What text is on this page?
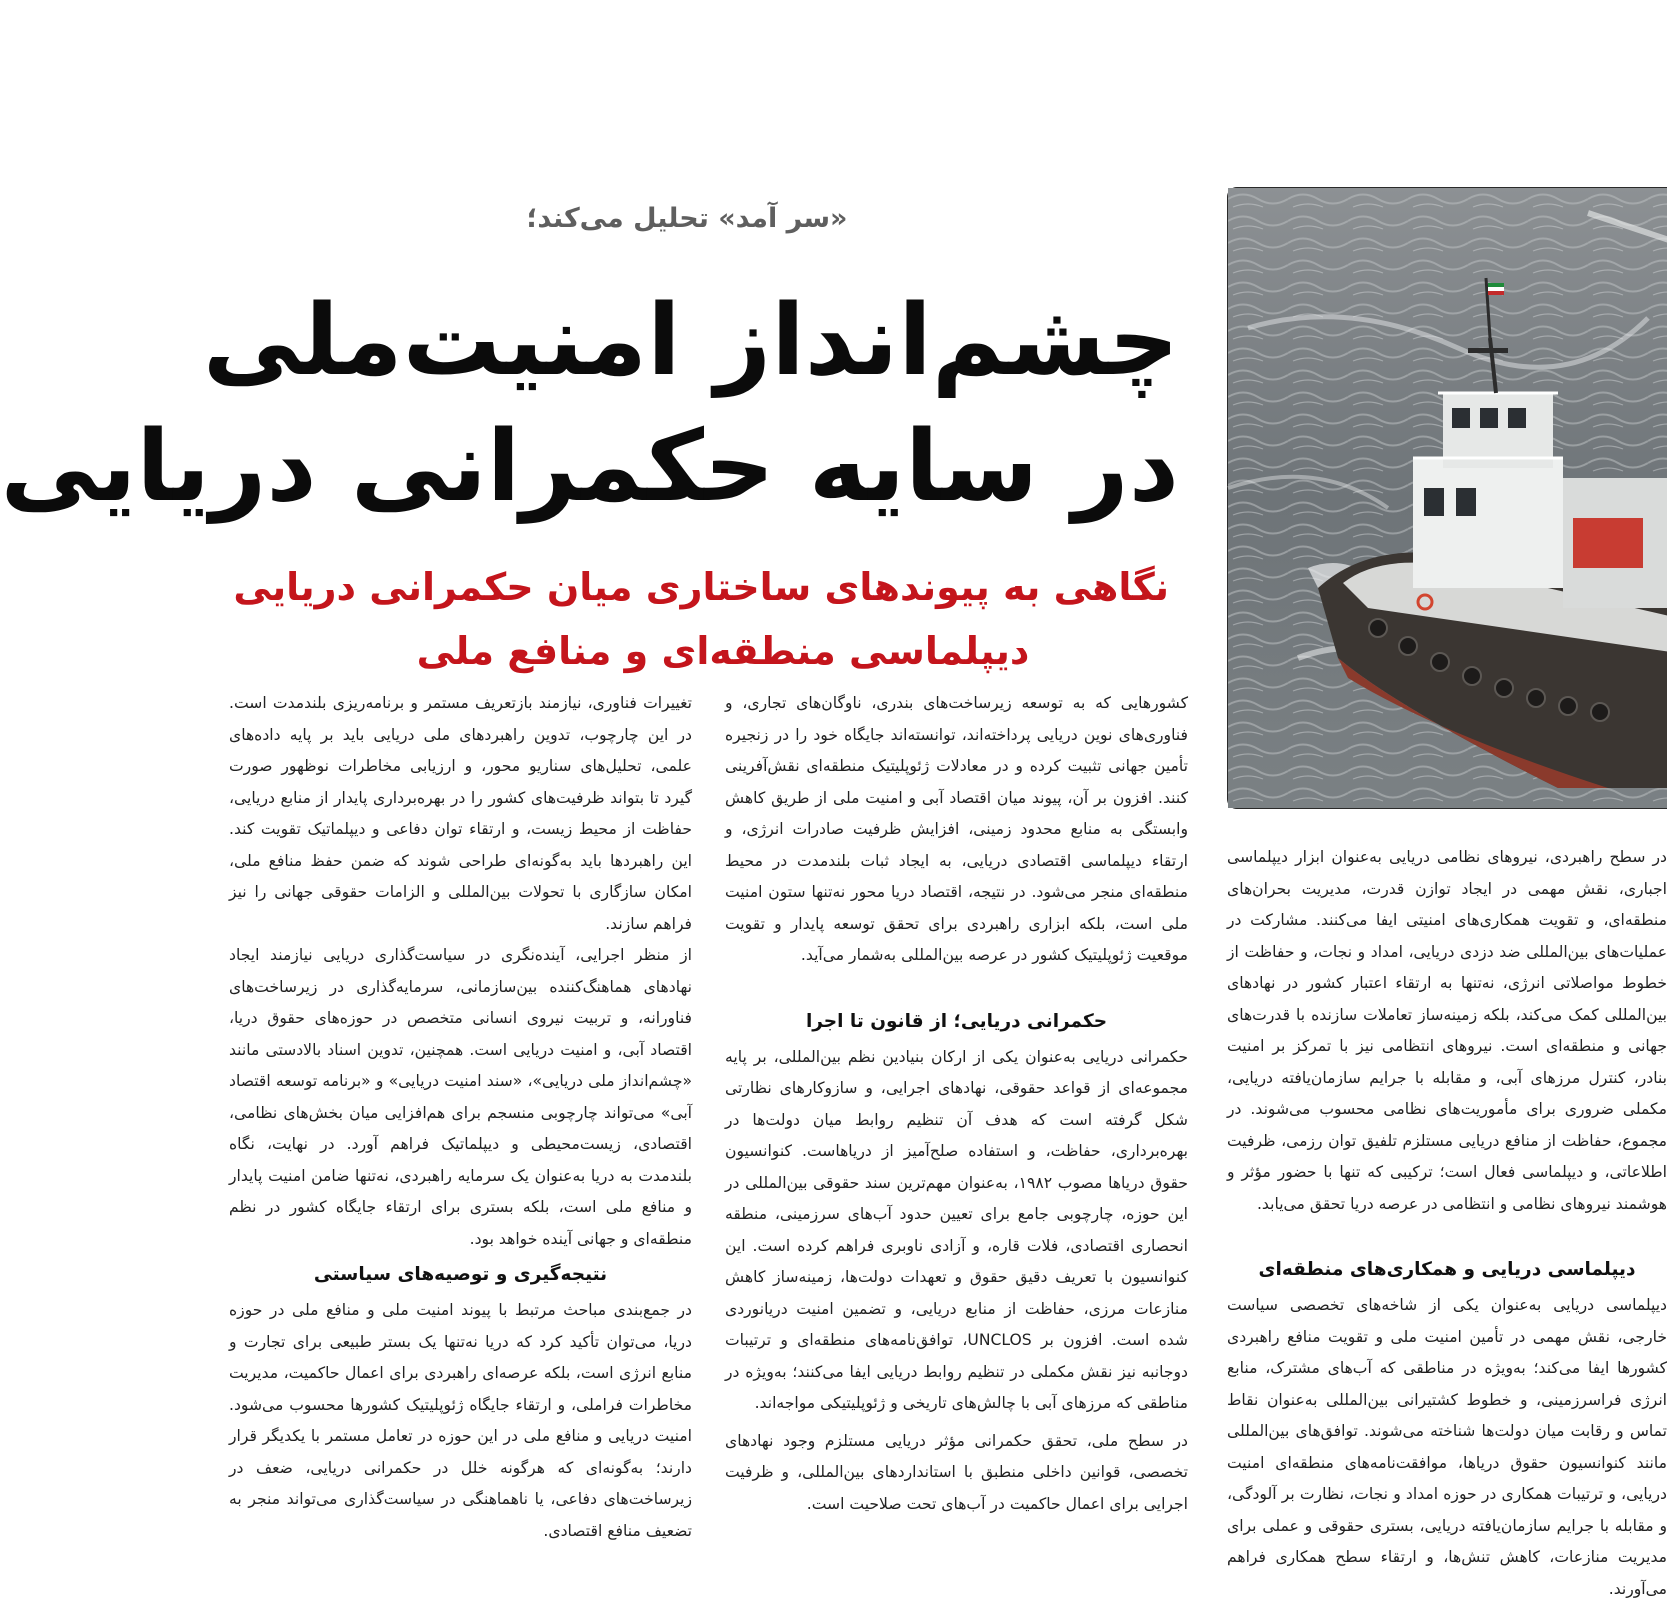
«سر آمد» تحلیل می‌کند؛
چشم‌انداز امنیت‌ملی
در سایه حکمرانی دریایی
نگاهی به پیوندهای ساختاری میان حکمرانی دریایی
دیپلماسی منطقه‌ای و منافع ملی

کشورهایی که به توسعه زیرساخت‌های بندری، ناوگان‌های تجاری، و فناوری‌های نوین دریایی پرداخته‌اند، توانسته‌اند جایگاه خود را در زنجیره تأمین جهانی تثبیت کرده و در معادلات ژئوپلیتیک منطقه‌ای نقش‌آفرینی کنند. افزون بر آن، پیوند میان اقتصاد آبی و امنیت ملی از طریق کاهش وابستگی به منابع محدود زمینی، افزایش ظرفیت صادرات انرژی، و ارتقاء دیپلماسی اقتصادی دریایی، به ایجاد ثبات بلندمدت در محیط منطقه‌ای منجر می‌شود. در نتیجه، اقتصاد دریا محور نه‌تنها ستون امنیت ملی است، بلکه ابزاری راهبردی برای تحقق توسعه پایدار و تقویت موقعیت ژئوپلیتیک کشور در عرصه بین‌المللی به‌شمار می‌آید.

حکمرانی دریایی؛ از قانون تا اجرا

حکمرانی دریایی به‌عنوان یکی از ارکان بنیادین نظم بین‌المللی، بر پایه مجموعه‌ای از قواعد حقوقی، نهادهای اجرایی، و سازوکارهای نظارتی شکل گرفته است که هدف آن تنظیم روابط میان دولت‌ها در بهره‌برداری، حفاظت، و استفاده صلح‌آمیز از دریاهاست. کنوانسیون حقوق دریاها مصوب ۱۹۸۲، به‌عنوان مهم‌ترین سند حقوقی بین‌المللی در این حوزه، چارچوبی جامع برای تعیین حدود آب‌های سرزمینی، منطقه انحصاری اقتصادی، فلات قاره، و آزادی ناوبری فراهم کرده است. این کنوانسیون با تعریف دقیق حقوق و تعهدات دولت‌ها، زمینه‌ساز کاهش منازعات مرزی، حفاظت از منابع دریایی، و تضمین امنیت دریانوردی شده است. افزون بر UNCLOS، توافق‌نامه‌های منطقه‌ای و ترتیبات دوجانبه نیز نقش مکملی در تنظیم روابط دریایی ایفا می‌کنند؛ به‌ویژه در مناطقی که مرزهای آبی با چالش‌های تاریخی و ژئوپلیتیکی مواجه‌اند.

در سطح ملی، تحقق حکمرانی مؤثر دریایی مستلزم وجود نهادهای تخصصی، قوانین داخلی منطبق با استانداردهای بین‌المللی، و ظرفیت اجرایی برای اعمال حاکمیت در آب‌های تحت صلاحیت است.

تغییرات فناوری، نیازمند بازتعریف مستمر و برنامه‌ریزی بلندمدت است. در این چارچوب، تدوین راهبردهای ملی دریایی باید بر پایه داده‌های علمی، تحلیل‌های سناریو محور، و ارزیابی مخاطرات نوظهور صورت گیرد تا بتواند ظرفیت‌های کشور را در بهره‌برداری پایدار از منابع دریایی، حفاظت از محیط زیست، و ارتقاء توان دفاعی و دیپلماتیک تقویت کند. این راهبردها باید به‌گونه‌ای طراحی شوند که ضمن حفظ منافع ملی، امکان سازگاری با تحولات بین‌المللی و الزامات حقوقی جهانی را نیز فراهم سازند.

از منظر اجرایی، آینده‌نگری در سیاست‌گذاری دریایی نیازمند ایجاد نهادهای هماهنگ‌کننده بین‌سازمانی، سرمایه‌گذاری در زیرساخت‌های فناورانه، و تربیت نیروی انسانی متخصص در حوزه‌های حقوق دریا، اقتصاد آبی، و امنیت دریایی است. همچنین، تدوین اسناد بالادستی مانند «چشم‌انداز ملی دریایی»، «سند امنیت دریایی» و «برنامه توسعه اقتصاد آبی» می‌تواند چارچوبی منسجم برای هم‌افزایی میان بخش‌های نظامی، اقتصادی، زیست‌محیطی و دیپلماتیک فراهم آورد. در نهایت، نگاه بلندمدت به دریا به‌عنوان یک سرمایه راهبردی، نه‌تنها ضامن امنیت پایدار و منافع ملی است، بلکه بستری برای ارتقاء جایگاه کشور در نظم منطقه‌ای و جهانی آینده خواهد بود.

نتیجه‌گیری و توصیه‌های سیاستی

در جمع‌بندی مباحث مرتبط با پیوند امنیت ملی و منافع ملی در حوزه دریا، می‌توان تأکید کرد که دریا نه‌تنها یک بستر طبیعی برای تجارت و منابع انرژی است، بلکه عرصه‌ای راهبردی برای اعمال حاکمیت، مدیریت مخاطرات فراملی، و ارتقاء جایگاه ژئوپلیتیک کشورها محسوب می‌شود. امنیت دریایی و منافع ملی در این حوزه در تعامل مستمر با یکدیگر قرار دارند؛ به‌گونه‌ای که هرگونه خلل در حکمرانی دریایی، ضعف در زیرساخت‌های دفاعی، یا ناهماهنگی در سیاست‌گذاری می‌تواند منجر به تضعیف منافع اقتصادی.

در سطح راهبردی، نیروهای نظامی دریایی به‌عنوان ابزار دیپلماسی اجباری، نقش مهمی در ایجاد توازن قدرت، مدیریت بحران‌های منطقه‌ای، و تقویت همکاری‌های امنیتی ایفا می‌کنند. مشارکت در عملیات‌های بین‌المللی ضد دزدی دریایی، امداد و نجات، و حفاظت از خطوط مواصلاتی انرژی، نه‌تنها به ارتقاء اعتبار کشور در نهادهای بین‌المللی کمک می‌کند، بلکه زمینه‌ساز تعاملات سازنده با قدرت‌های جهانی و منطقه‌ای است. نیروهای انتظامی نیز با تمرکز بر امنیت بنادر، کنترل مرزهای آبی، و مقابله با جرایم سازمان‌یافته دریایی، مکملی ضروری برای مأموریت‌های نظامی محسوب می‌شوند. در مجموع، حفاظت از منافع دریایی مستلزم تلفیق توان رزمی، ظرفیت اطلاعاتی، و دیپلماسی فعال است؛ ترکیبی که تنها با حضور مؤثر و هوشمند نیروهای نظامی و انتظامی در عرصه دریا تحقق می‌یابد.

دیپلماسی دریایی و همکاری‌های منطقه‌ای

دیپلماسی دریایی به‌عنوان یکی از شاخه‌های تخصصی سیاست خارجی، نقش مهمی در تأمین امنیت ملی و تقویت منافع راهبردی کشورها ایفا می‌کند؛ به‌ویژه در مناطقی که آب‌های مشترک، منابع انرژی فراسرزمینی، و خطوط کشتیرانی بین‌المللی به‌عنوان نقاط تماس و رقابت میان دولت‌ها شناخته می‌شوند. توافق‌های بین‌المللی مانند کنوانسیون حقوق دریاها، موافقت‌نامه‌های منطقه‌ای امنیت دریایی، و ترتیبات همکاری در حوزه امداد و نجات، نظارت بر آلودگی، و مقابله با جرایم سازمان‌یافته دریایی، بستری حقوقی و عملی برای مدیریت منازعات، کاهش تنش‌ها، و ارتقاء سطح همکاری فراهم می‌آورند.
